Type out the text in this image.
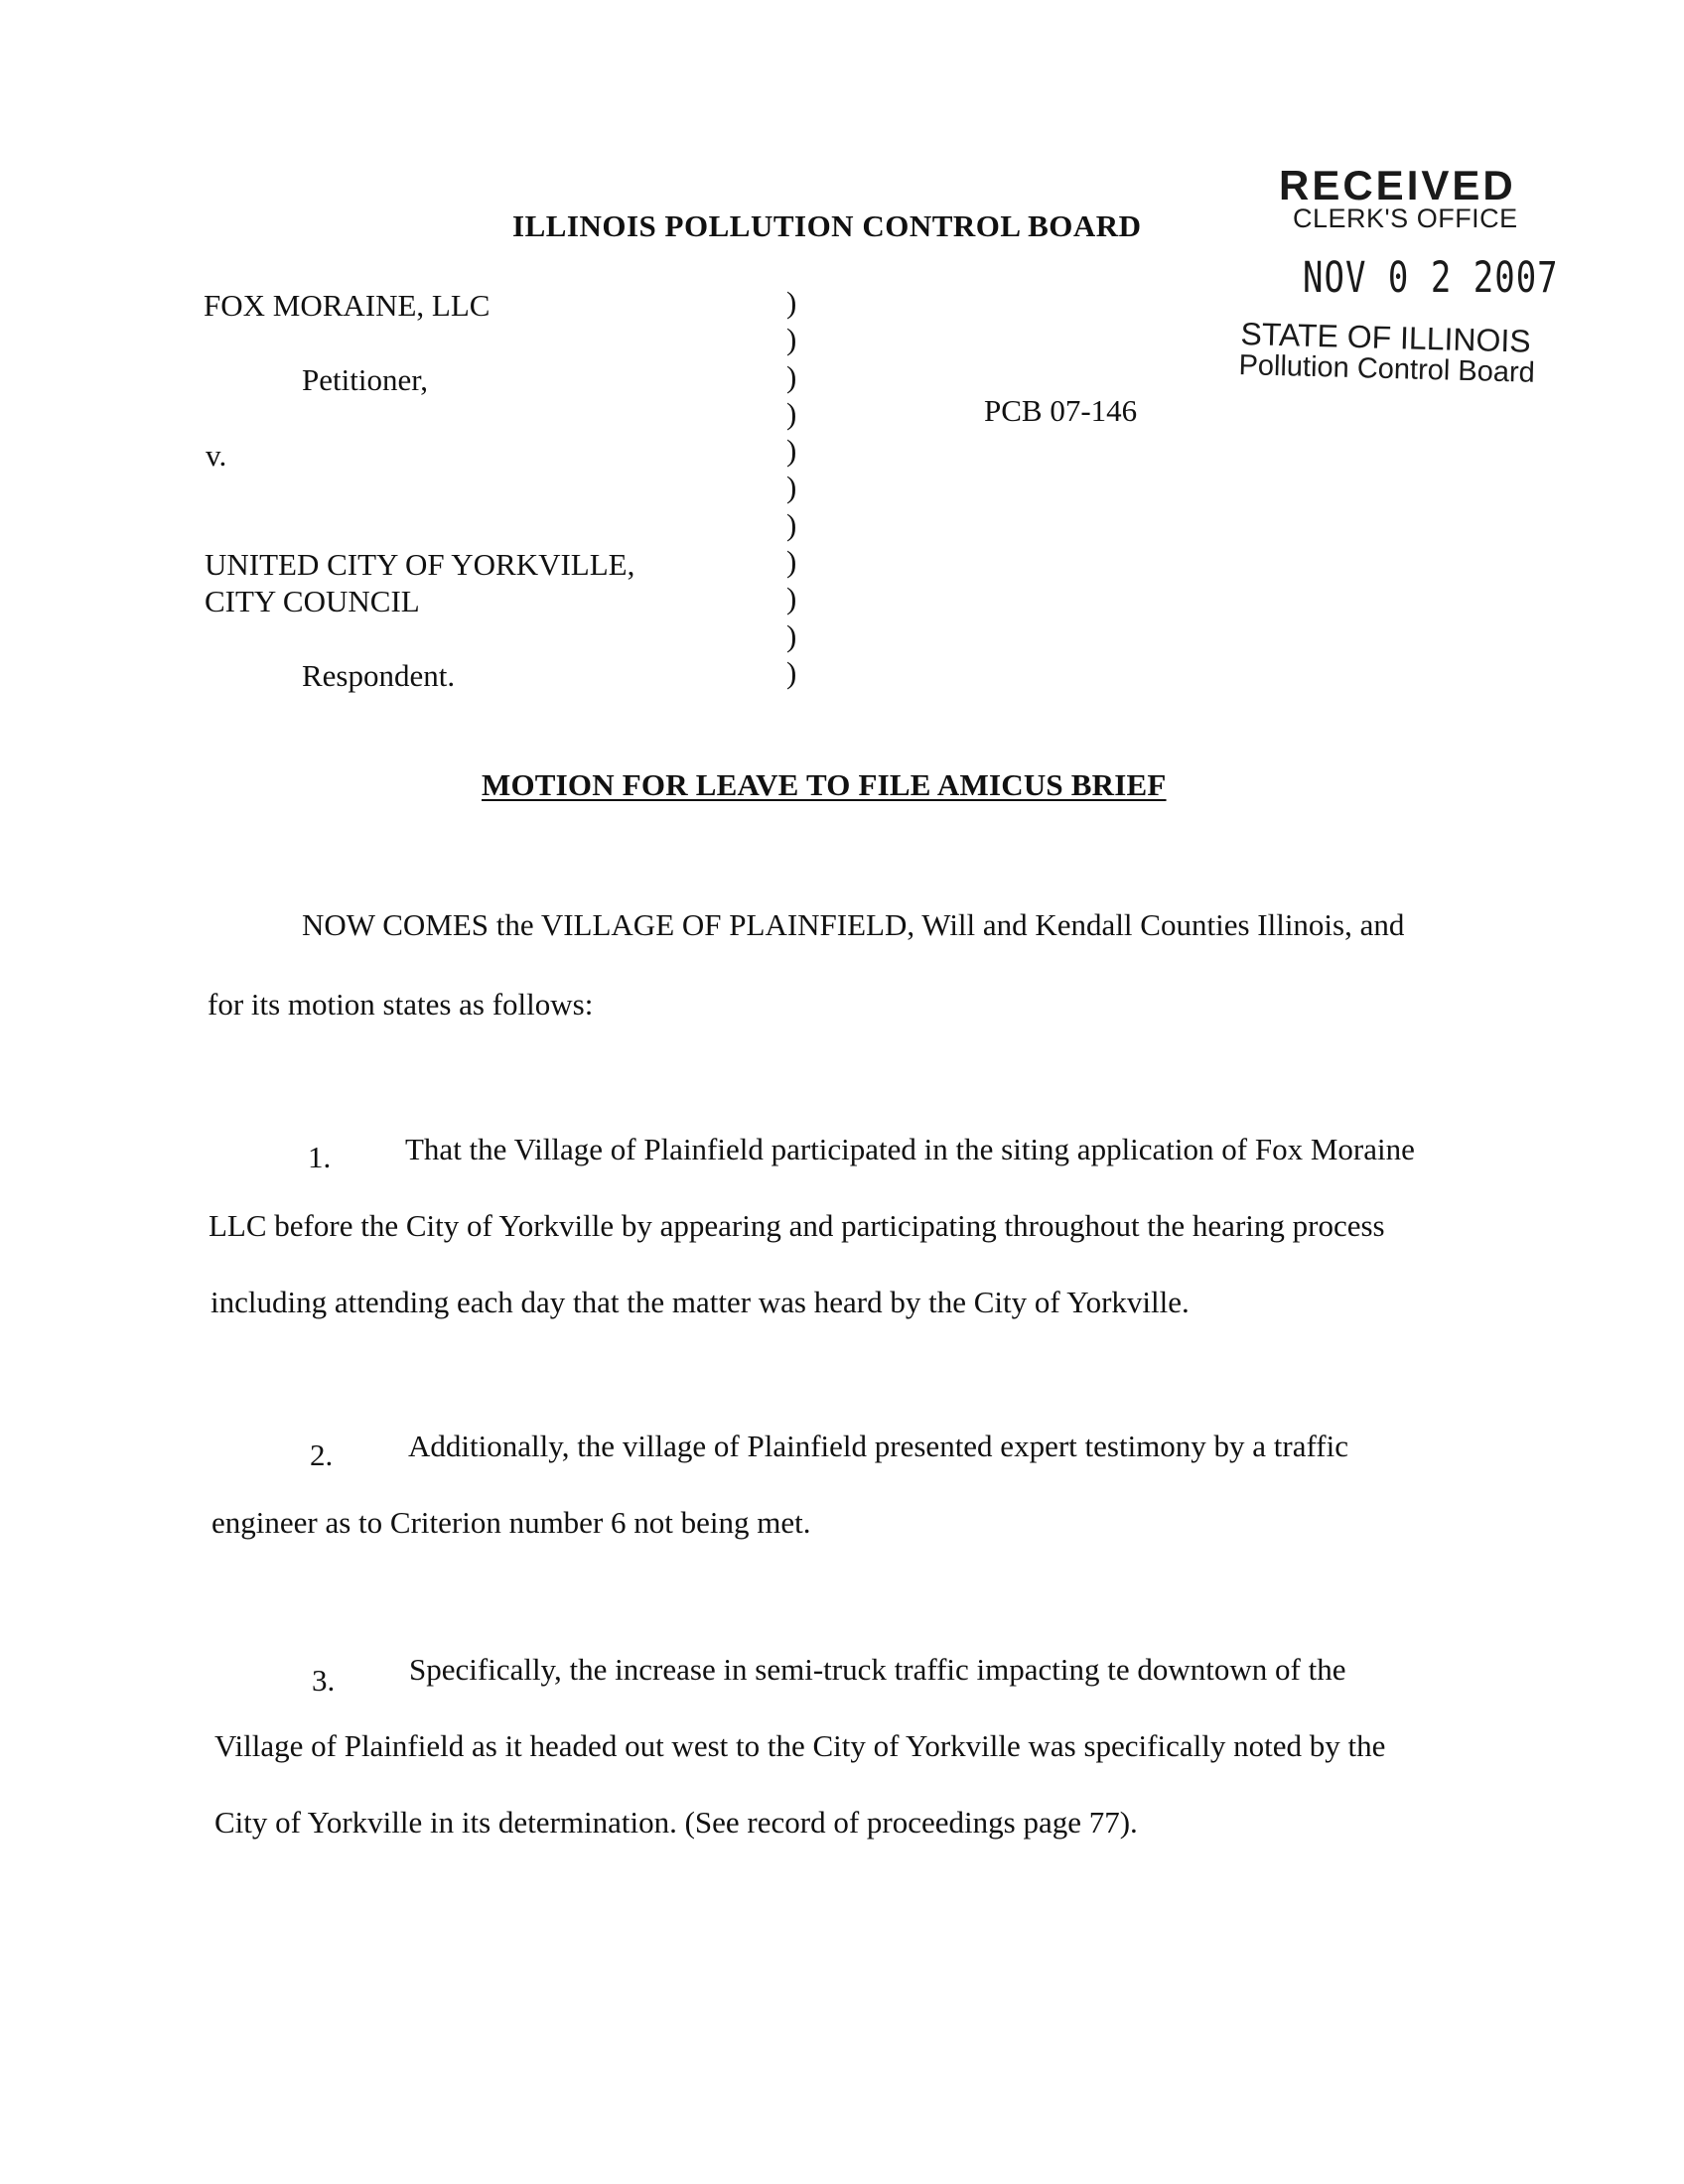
RECEIVED
CLERK'S OFFICE
NOV 0 2 2007
STATE OF ILLINOIS
Pollution Control Board
ILLINOIS POLLUTION CONTROL BOARD
FOX MORAINE, LLC
Petitioner,
v.
UNITED CITY OF YORKVILLE,
CITY COUNCIL
Respondent.
PCB 07-146
)
)
)
)
)
)
)
)
)
)
)
MOTION FOR LEAVE TO FILE AMICUS BRIEF
NOW COMES the VILLAGE OF PLAINFIELD, Will and Kendall Counties Illinois, and
for its motion states as follows:
1. That the Village of Plainfield participated in the siting application of Fox Moraine
LLC before the City of Yorkville by appearing and participating throughout the hearing process
including attending each day that the matter was heard by the City of Yorkville.
2. Additionally, the village of Plainfield presented expert testimony by a traffic
engineer as to Criterion number 6 not being met.
3. Specifically, the increase in semi-truck traffic impacting te downtown of the
Village of Plainfield as it headed out west to the City of Yorkville was specifically noted by the
City of Yorkville in its determination. (See record of proceedings page 77).
